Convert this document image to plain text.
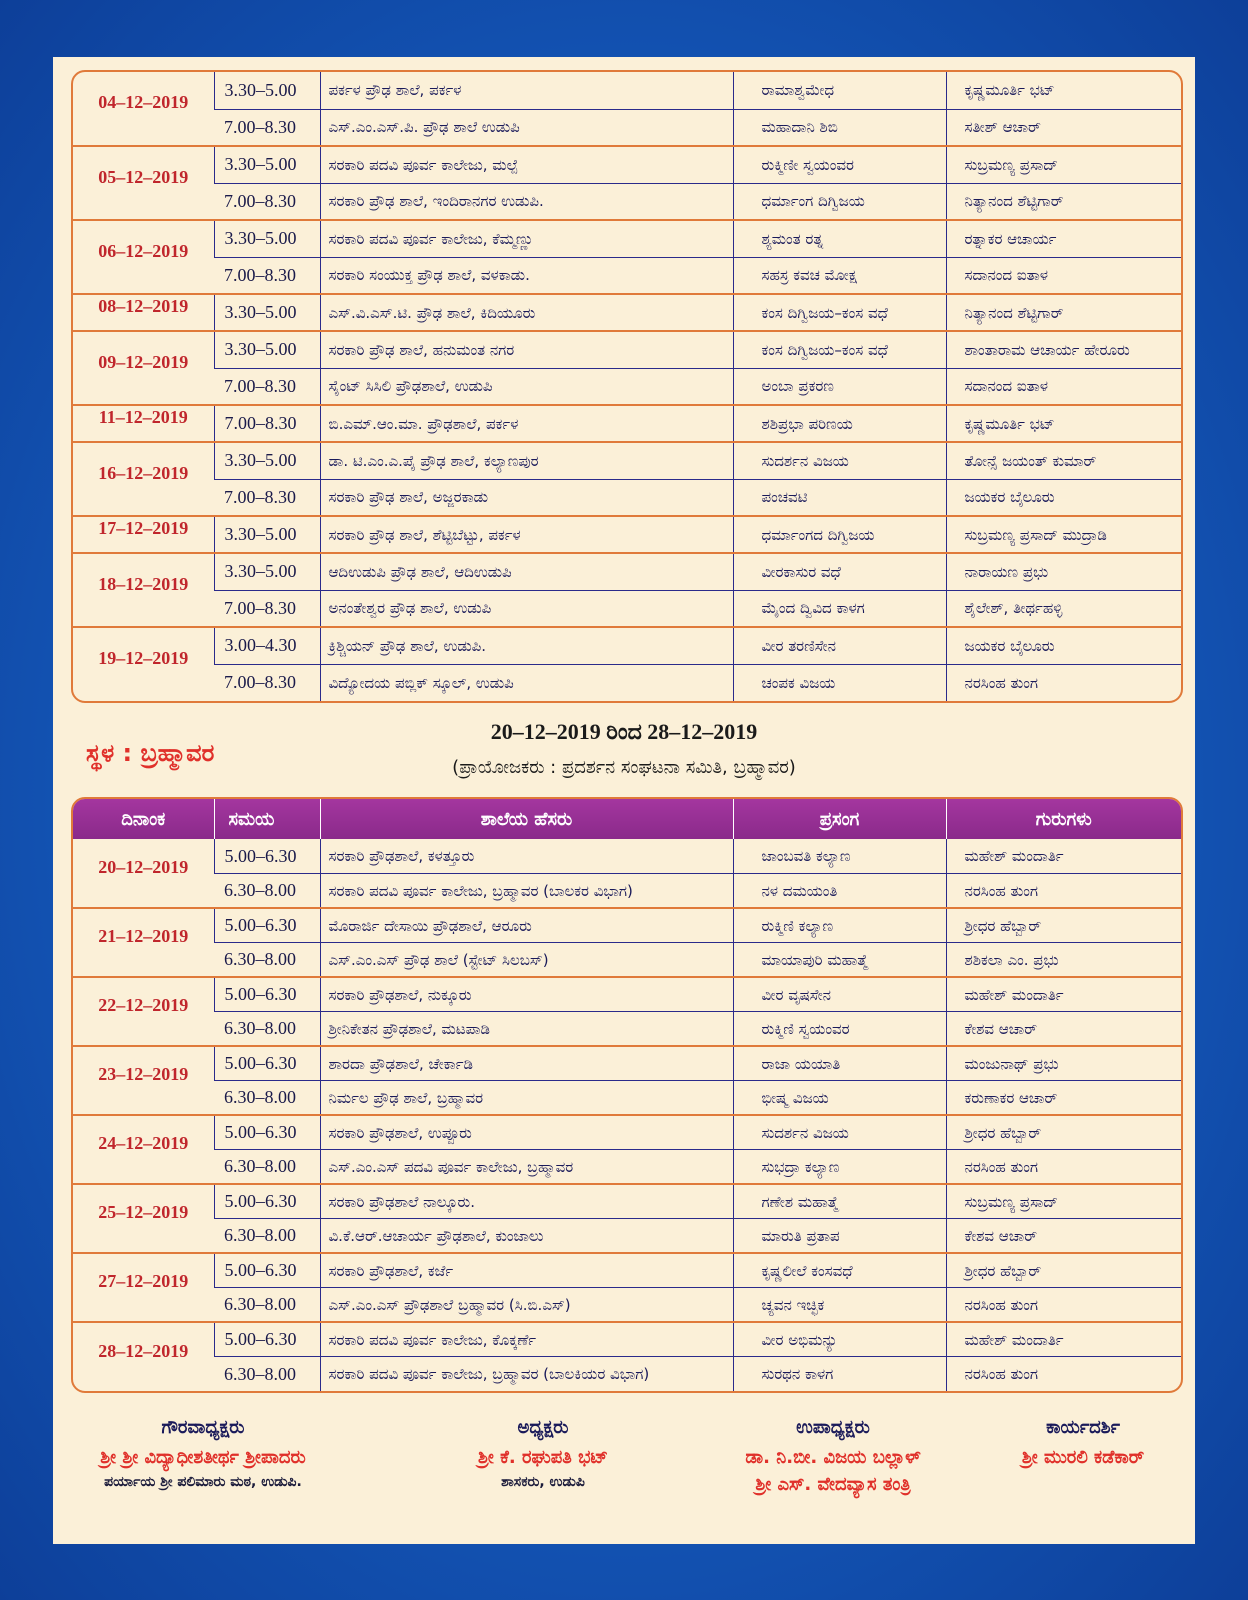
04–12–2019	3.30–5.00	ಪರ್ಕಳ ಪ್ರೌಢ ಶಾಲೆ, ಪರ್ಕಳ	ರಾಮಾಶ್ವಮೇಧ	ಕೃಷ್ಣಮೂರ್ತಿ ಭಟ್
	7.00–8.30	ಎಸ್.ಎಂ.ಎಸ್.ಪಿ. ಪ್ರೌಢ ಶಾಲೆ ಉಡುಪಿ	ಮಹಾದಾನಿ ಶಿಬಿ	ಸತೀಶ್ ಆಚಾರ್
05–12–2019	3.30–5.00	ಸರಕಾರಿ ಪದವಿ ಪೂರ್ವ ಕಾಲೇಜು, ಮಲ್ಪೆ	ರುಕ್ಮಿಣೀ ಸ್ವಯಂವರ	ಸುಬ್ರಮಣ್ಯ ಪ್ರಸಾದ್
	7.00–8.30	ಸರಕಾರಿ ಪ್ರೌಢ ಶಾಲೆ, ಇಂದಿರಾನಗರ ಉಡುಪಿ.	ಧರ್ಮಾಂಗ ದಿಗ್ವಿಜಯ	ನಿತ್ಯಾನಂದ ಶೆಟ್ಟಿಗಾರ್
06–12–2019	3.30–5.00	ಸರಕಾರಿ ಪದವಿ ಪೂರ್ವ ಕಾಲೇಜು, ಕೆಮ್ಮಣ್ಣು	ಶ್ಯಮಂತ ರತ್ನ	ರತ್ನಾಕರ ಆಚಾರ್ಯ
	7.00–8.30	ಸರಕಾರಿ ಸಂಯುಕ್ತ ಪ್ರೌಢ ಶಾಲೆ, ವಳಕಾಡು.	ಸಹಸ್ರ ಕವಚ ಮೋಕ್ಷ	ಸದಾನಂದ ಐತಾಳ
08–12–2019	3.30–5.00	ಎಸ್.ವಿ.ಎಸ್.ಟಿ. ಪ್ರೌಢ ಶಾಲೆ, ಕಿದಿಯೂರು	ಕಂಸ ದಿಗ್ವಿಜಯ–ಕಂಸ ವಧೆ	ನಿತ್ಯಾನಂದ ಶೆಟ್ಟಿಗಾರ್
09–12–2019	3.30–5.00	ಸರಕಾರಿ ಪ್ರೌಢ ಶಾಲೆ, ಹನುಮಂತ ನಗರ	ಕಂಸ ದಿಗ್ವಿಜಯ–ಕಂಸ ವಧೆ	ಶಾಂತಾರಾಮ ಆಚಾರ್ಯ ಹೇರೂರು
	7.00–8.30	ಸೈಂಟ್ ಸಿಸಿಲಿ ಪ್ರೌಢಶಾಲೆ, ಉಡುಪಿ	ಅಂಬಾ ಪ್ರಕರಣ	ಸದಾನಂದ ಐತಾಳ
11–12–2019	7.00–8.30	ಬಿ.ಎಮ್.ಆಂ.ಮಾ. ಪ್ರೌಢಶಾಲೆ, ಪರ್ಕಳ	ಶಶಿಪ್ರಭಾ ಪರಿಣಯ	ಕೃಷ್ಣಮೂರ್ತಿ ಭಟ್
16–12–2019	3.30–5.00	ಡಾ. ಟಿ.ಎಂ.ಎ.ಪೈ ಪ್ರೌಢ ಶಾಲೆ, ಕಲ್ಯಾಣಪುರ	ಸುದರ್ಶನ ವಿಜಯ	ತೋನ್ಸೆ ಜಯಂತ್ ಕುಮಾರ್
	7.00–8.30	ಸರಕಾರಿ ಪ್ರೌಢ ಶಾಲೆ, ಅಜ್ಜರಕಾಡು	ಪಂಚವಟಿ	ಜಯಕರ ಬೈಲೂರು
17–12–2019	3.30–5.00	ಸರಕಾರಿ ಪ್ರೌಢ ಶಾಲೆ, ಶೆಟ್ಟಿಬೆಟ್ಟು, ಪರ್ಕಳ	ಧರ್ಮಾಂಗದ ದಿಗ್ವಿಜಯ	ಸುಬ್ರಮಣ್ಯ ಪ್ರಸಾದ್ ಮುದ್ರಾಡಿ
18–12–2019	3.30–5.00	ಆದಿಉಡುಪಿ ಪ್ರೌಢ ಶಾಲೆ, ಆದಿಉಡುಪಿ	ವೀರಕಾಸುರ ವಧೆ	ನಾರಾಯಣ ಪ್ರಭು
	7.00–8.30	ಅನಂತೇಶ್ವರ ಪ್ರೌಢ ಶಾಲೆ, ಉಡುಪಿ	ಮೈಂದ ದ್ವಿವಿದ ಕಾಳಗ	ಶೈಲೇಶ್, ತೀರ್ಥಹಳ್ಳಿ
19–12–2019	3.00–4.30	ಕ್ರಿಶ್ಚಿಯನ್ ಪ್ರೌಢ ಶಾಲೆ, ಉಡುಪಿ.	ವೀರ ತರಣಿಸೇನ	ಜಯಕರ ಬೈಲೂರು
	7.00–8.30	ವಿದ್ಯೋದಯ ಪಬ್ಲಿಕ್ ಸ್ಕೂಲ್, ಉಡುಪಿ	ಚಂಪಕ ವಿಜಯ	ನರಸಿಂಹ ತುಂಗ
ಸ್ಥಳ : ಬ್ರಹ್ಮಾವರ
20–12–2019 ರಿಂದ 28–12–2019
(ಪ್ರಾಯೋಜಕರು : ಪ್ರದರ್ಶನ ಸಂಘಟನಾ ಸಮಿತಿ, ಬ್ರಹ್ಮಾವರ)
ದಿನಾಂಕ	ಸಮಯ	ಶಾಲೆಯ ಹೆಸರು	ಪ್ರಸಂಗ	ಗುರುಗಳು
20–12–2019	5.00–6.30	ಸರಕಾರಿ ಪ್ರೌಢಶಾಲೆ, ಕಳತ್ತೂರು	ಜಾಂಬವತಿ ಕಲ್ಯಾಣ	ಮಹೇಶ್ ಮಂದಾರ್ತಿ
	6.30–8.00	ಸರಕಾರಿ ಪದವಿ ಪೂರ್ವ ಕಾಲೇಜು, ಬ್ರಹ್ಮಾವರ (ಬಾಲಕರ ವಿಭಾಗ)	ನಳ ದಮಯಂತಿ	ನರಸಿಂಹ ತುಂಗ
21–12–2019	5.00–6.30	ಮೊರಾರ್ಜಿ ದೇಸಾಯಿ ಪ್ರೌಢಶಾಲೆ, ಆರೂರು	ರುಕ್ಮಿಣಿ ಕಲ್ಯಾಣ	ಶ್ರೀಧರ ಹೆಬ್ಬಾರ್
	6.30–8.00	ಎಸ್.ಎಂ.ಎಸ್ ಪ್ರೌಢ ಶಾಲೆ (ಸ್ಟೇಟ್ ಸಿಲಬಸ್)	ಮಾಯಾಪುರಿ ಮಹಾತ್ಮೆ	ಶಶಿಕಲಾ ಎಂ. ಪ್ರಭು
22–12–2019	5.00–6.30	ಸರಕಾರಿ ಪ್ರೌಢಶಾಲೆ, ನುಕ್ಕೂರು	ವೀರ ವೃಷಸೇನ	ಮಹೇಶ್ ಮಂದಾರ್ತಿ
	6.30–8.00	ಶ್ರೀನಿಕೇತನ ಪ್ರೌಢಶಾಲೆ, ಮಟಪಾಡಿ	ರುಕ್ಮಿಣಿ ಸ್ವಯಂವರ	ಕೇಶವ ಆಚಾರ್
23–12–2019	5.00–6.30	ಶಾರದಾ ಪ್ರೌಢಶಾಲೆ, ಚೇರ್ಕಾಡಿ	ರಾಜಾ ಯಯಾತಿ	ಮಂಜುನಾಥ್ ಪ್ರಭು
	6.30–8.00	ನಿರ್ಮಲ ಪ್ರೌಢ ಶಾಲೆ, ಬ್ರಹ್ಮಾವರ	ಭೀಷ್ಮ ವಿಜಯ	ಕರುಣಾಕರ ಆಚಾರ್
24–12–2019	5.00–6.30	ಸರಕಾರಿ ಪ್ರೌಢಶಾಲೆ, ಉಪ್ಪೂರು	ಸುದರ್ಶನ ವಿಜಯ	ಶ್ರೀಧರ ಹೆಬ್ಬಾರ್
	6.30–8.00	ಎಸ್.ಎಂ.ಎಸ್ ಪದವಿ ಪೂರ್ವ ಕಾಲೇಜು, ಬ್ರಹ್ಮಾವರ	ಸುಭದ್ರಾ ಕಲ್ಯಾಣ	ನರಸಿಂಹ ತುಂಗ
25–12–2019	5.00–6.30	ಸರಕಾರಿ ಪ್ರೌಢಶಾಲೆ ನಾಲ್ಕೂರು.	ಗಣೇಶ ಮಹಾತ್ಮೆ	ಸುಬ್ರಮಣ್ಯ ಪ್ರಸಾದ್
	6.30–8.00	ವಿ.ಕೆ.ಆರ್.ಆಚಾರ್ಯ ಪ್ರೌಢಶಾಲೆ, ಕುಂಜಾಲು	ಮಾರುತಿ ಪ್ರತಾಪ	ಕೇಶವ ಆಚಾರ್
27–12–2019	5.00–6.30	ಸರಕಾರಿ ಪ್ರೌಢಶಾಲೆ, ಕರ್ಜೆ	ಕೃಷ್ಣಲೀಲೆ ಕಂಸವಧೆ	ಶ್ರೀಧರ ಹೆಬ್ಬಾರ್
	6.30–8.00	ಎಸ್.ಎಂ.ಎಸ್ ಪ್ರೌಢಶಾಲೆ ಬ್ರಹ್ಮಾವರ (ಸಿ.ಬಿ.ಎಸ್)	ಚ್ಯವನ ಇಚ್ಛಿಕ	ನರಸಿಂಹ ತುಂಗ
28–12–2019	5.00–6.30	ಸರಕಾರಿ ಪದವಿ ಪೂರ್ವ ಕಾಲೇಜು, ಕೊಕ್ಕರ್ಣೆ	ವೀರ ಅಭಿಮನ್ಯು	ಮಹೇಶ್ ಮಂದಾರ್ತಿ
	6.30–8.00	ಸರಕಾರಿ ಪದವಿ ಪೂರ್ವ ಕಾಲೇಜು, ಬ್ರಹ್ಮಾವರ (ಬಾಲಕಿಯರ ವಿಭಾಗ)	ಸುರಥನ ಕಾಳಗ	ನರಸಿಂಹ ತುಂಗ
ಗೌರವಾಧ್ಯಕ್ಷರು
ಶ್ರೀ ಶ್ರೀ ವಿದ್ಯಾಧೀಶತೀರ್ಥ ಶ್ರೀಪಾದರು
ಪರ್ಯಾಯ ಶ್ರೀ ಪಲಿಮಾರು ಮಠ, ಉಡುಪಿ.
ಅಧ್ಯಕ್ಷರು
ಶ್ರೀ ಕೆ. ರಘುಪತಿ ಭಟ್
ಶಾಸಕರು, ಉಡುಪಿ
ಉಪಾಧ್ಯಕ್ಷರು
ಡಾ. ನಿ.ಬೀ. ವಿಜಯ ಬಲ್ಲಾಳ್
ಶ್ರೀ ಎಸ್. ವೇದವ್ಯಾಸ ತಂತ್ರಿ
ಕಾರ್ಯದರ್ಶಿ
ಶ್ರೀ ಮುರಲಿ ಕಡೆಕಾರ್
